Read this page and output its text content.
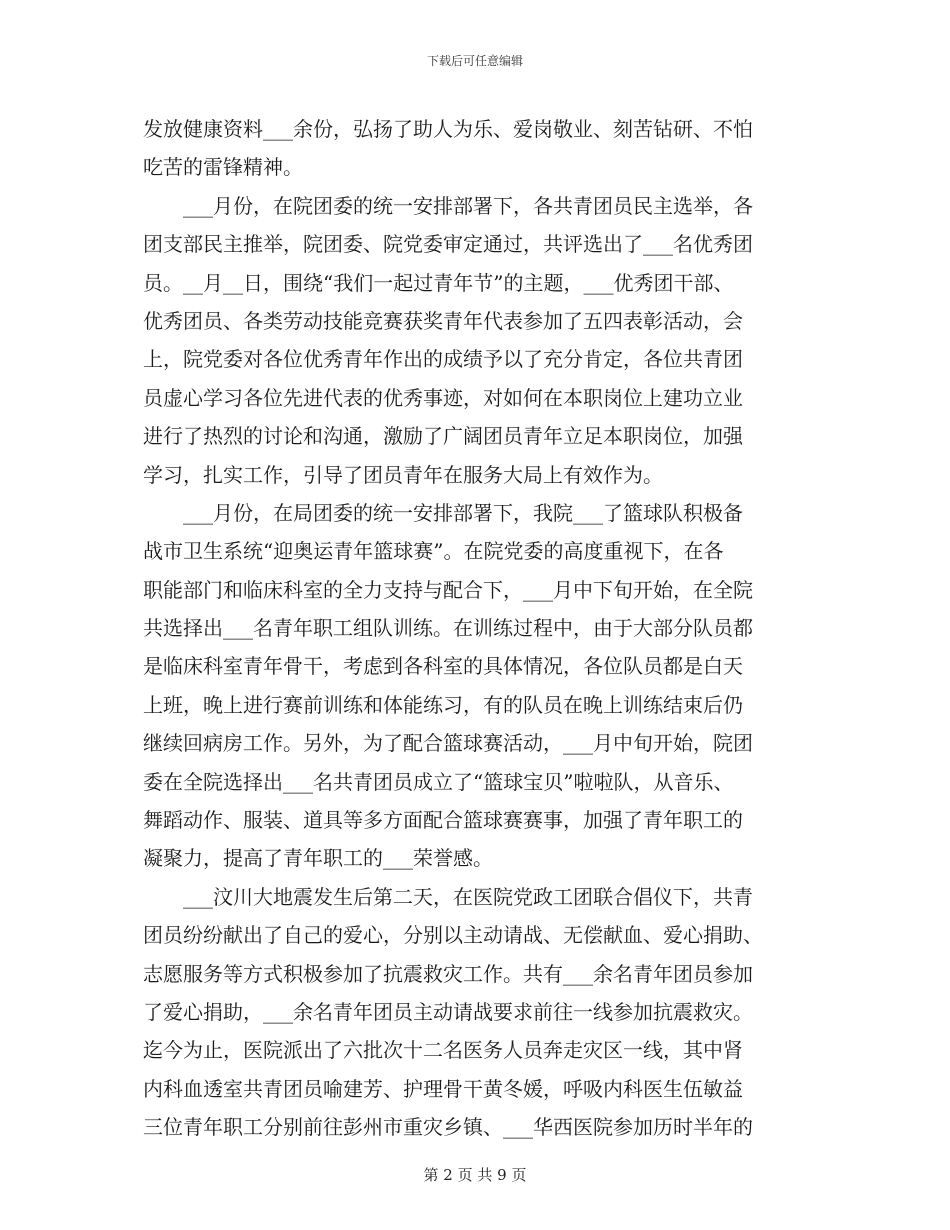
下载后可任意编辑
发放健康资料___余份，弘扬了助人为乐、爱岗敬业、刻苦钻研、不怕
吃苦的雷锋精神。
___月份，在院团委的统一安排部署下，各共青团员民主选举，各
团支部民主推举，院团委、院党委审定通过，共评选出了___名优秀团
员。__月__日，围绕“我们一起过青年节”的主题，___优秀团干部、
优秀团员、各类劳动技能竞赛获奖青年代表参加了五四表彰活动，会
上，院党委对各位优秀青年作出的成绩予以了充分肯定，各位共青团
员虚心学习各位先进代表的优秀事迹，对如何在本职岗位上建功立业
进行了热烈的讨论和沟通，激励了广阔团员青年立足本职岗位，加强
学习，扎实工作，引导了团员青年在服务大局上有效作为。
___月份，在局团委的统一安排部署下，我院___了篮球队积极备
战市卫生系统“迎奥运青年篮球赛”。在院党委的高度重视下，在各
职能部门和临床科室的全力支持与配合下，___月中下旬开始，在全院
共选择出___名青年职工组队训练。在训练过程中，由于大部分队员都
是临床科室青年骨干，考虑到各科室的具体情况，各位队员都是白天
上班，晚上进行赛前训练和体能练习，有的队员在晚上训练结束后仍
继续回病房工作。另外，为了配合篮球赛活动，___月中旬开始，院团
委在全院选择出___名共青团员成立了“篮球宝贝”啦啦队，从音乐、
舞蹈动作、服装、道具等多方面配合篮球赛赛事，加强了青年职工的
凝聚力，提高了青年职工的___荣誉感。
___汶川大地震发生后第二天，在医院党政工团联合倡仪下，共青
团员纷纷献出了自己的爱心，分别以主动请战、无偿献血、爱心捐助、
志愿服务等方式积极参加了抗震救灾工作。共有___余名青年团员参加
了爱心捐助，___余名青年团员主动请战要求前往一线参加抗震救灾。
迄今为止，医院派出了六批次十二名医务人员奔走灾区一线，其中肾
内科血透室共青团员喻建芳、护理骨干黄冬媛，呼吸内科医生伍敏益
三位青年职工分别前往彭州市重灾乡镇、___华西医院参加历时半年的
第 2 页 共 9 页
